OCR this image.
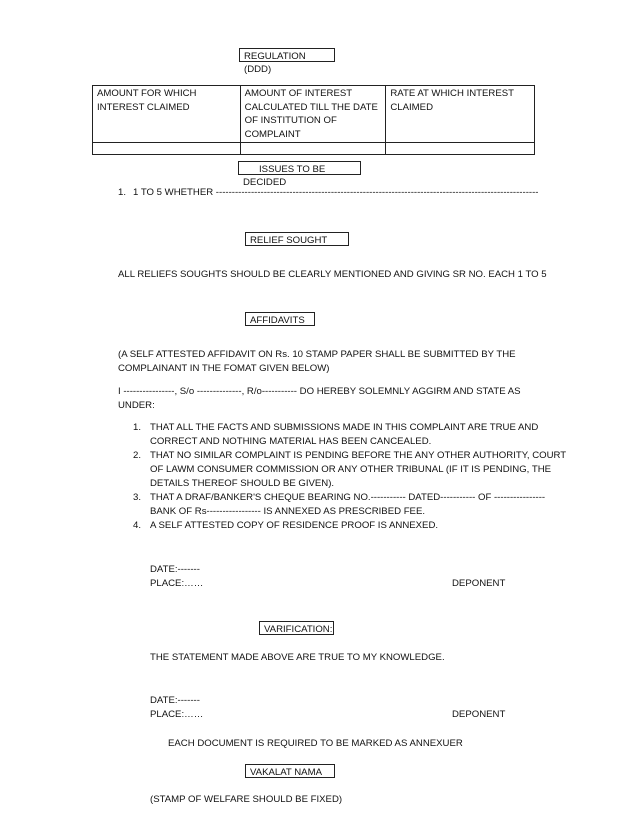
REGULATION (DDD)
AMOUNT FOR WHICH INTEREST CLAIMED	AMOUNT OF INTEREST CALCULATED TILL THE DATE OF INSTITUTION OF COMPLAINT	RATE AT WHICH INTEREST CLAIMED

ISSUES TO BE DECIDED
1. 1 TO 5 WHETHER -----------------------------------------------------------------------------------------------------
RELIEF SOUGHT
ALL RELIEFS SOUGHTS SHOULD BE CLEARLY MENTIONED AND GIVING SR NO. EACH 1 TO 5
AFFIDAVITS
(A SELF ATTESTED AFFIDAVIT ON Rs. 10 STAMP PAPER SHALL BE SUBMITTED BY THE
COMPLAINANT IN THE FOMAT GIVEN BELOW)
I ----------------, S/o --------------, R/o----------- DO HEREBY SOLEMNLY AGGIRM AND STATE AS
UNDER:
1. THAT ALL THE FACTS AND SUBMISSIONS MADE IN THIS COMPLAINT ARE TRUE AND
CORRECT AND NOTHING MATERIAL HAS BEEN CANCEALED.
2. THAT NO SIMILAR COMPLAINT IS PENDING BEFORE THE ANY OTHER AUTHORITY, COURT
OF LAWM CONSUMER COMMISSION OR ANY OTHER TRIBUNAL (IF IT IS PENDING, THE
DETAILS THEREOF SHOULD BE GIVEN).
3. THAT A DRAF/BANKER'S CHEQUE BEARING NO.----------- DATED----------- OF ----------------
BANK OF Rs----------------- IS ANNEXED AS PRESCRIBED FEE.
4. A SELF ATTESTED COPY OF RESIDENCE PROOF IS ANNEXED.
DATE:-------
PLACE:……	DEPONENT
VARIFICATION:
THE STATEMENT MADE ABOVE ARE TRUE TO MY KNOWLEDGE.
DATE:-------
PLACE:……	DEPONENT
EACH DOCUMENT IS REQUIRED TO BE MARKED AS ANNEXUER
VAKALAT NAMA
(STAMP OF WELFARE SHOULD BE FIXED)
